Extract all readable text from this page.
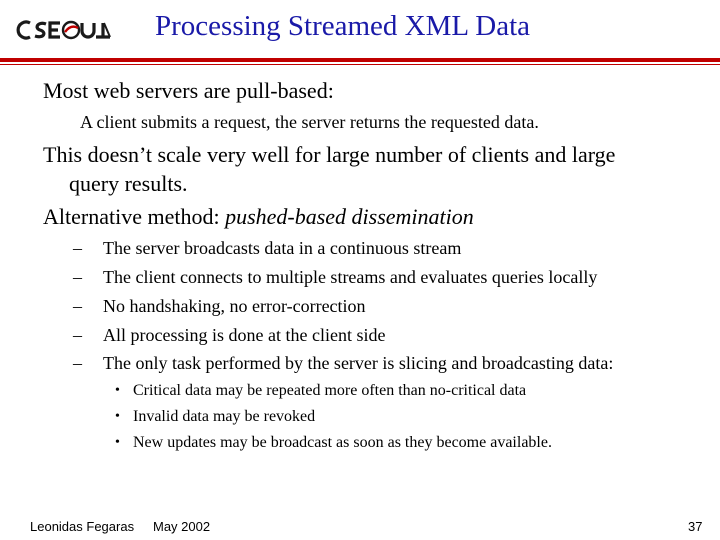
Processing Streamed XML Data
Most web servers are pull-based:
A client submits a request, the server returns the requested data.
This doesn’t scale very well for large number of clients and large
query results.
Alternative method: pushed-based dissemination
– The server broadcasts data in a continuous stream
– The client connects to multiple streams and evaluates queries locally
– No handshaking, no error-correction
– All processing is done at the client side
– The only task performed by the server is slicing and broadcasting data:
• Critical data may be repeated more often than no-critical data
• Invalid data may be revoked
• New updates may be broadcast as soon as they become available.
Leonidas Fegaras May 2002	37
